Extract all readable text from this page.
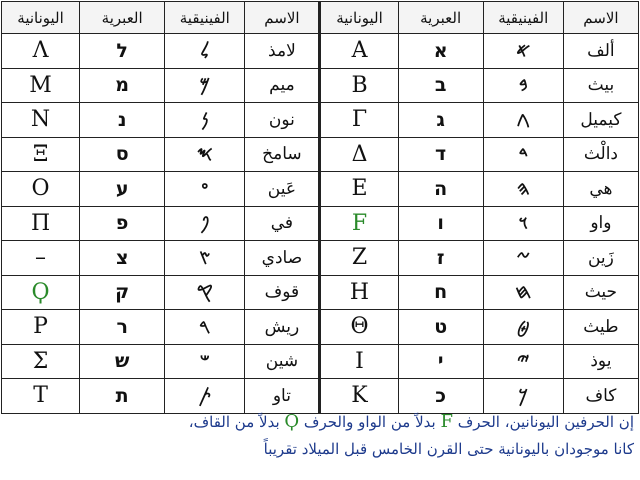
اليونانية	العبرية	الفينيقية	الاسم	اليونانية	العبرية	الفينيقية	الاسم
Λ	ל	𐤋	لامذ	Α	א	𐤀	ألف
Μ	מ	𐤌	ميم	Β	ב	𐤁	بيث
Ν	נ	𐤍	نون	Γ	ג	𐤂	كيميل
Ξ	ס	𐤎	سامخ	Δ	ד	𐤃	دالْث
Ο	ע	𐤏	عَين	Ε	ה	𐤄	هي
Π	פ	𐤐	في	F	ו	𐤅	واو
–	צ	𐤑	صادي	Ζ	ז	𐤆	زَين
Ϙ	ק	𐤒	قوف	Η	ח	𐤇	حيث
Ρ	ר	𐤓	ريش	Θ	ט	𐤈	طيث
Σ	ש	𐤔	شين	Ι	י	𐤉	يوذ
Τ	ת	𐤕	تاو	Κ	כ	𐤊	كاف
إن الحرفين اليونانين، الحرف F بدلاً من الواو والحرف Ϙ بدلاً من القاف،
كانا موجودان باليونانية حتى القرن الخامس قبل الميلاد تقريباً
